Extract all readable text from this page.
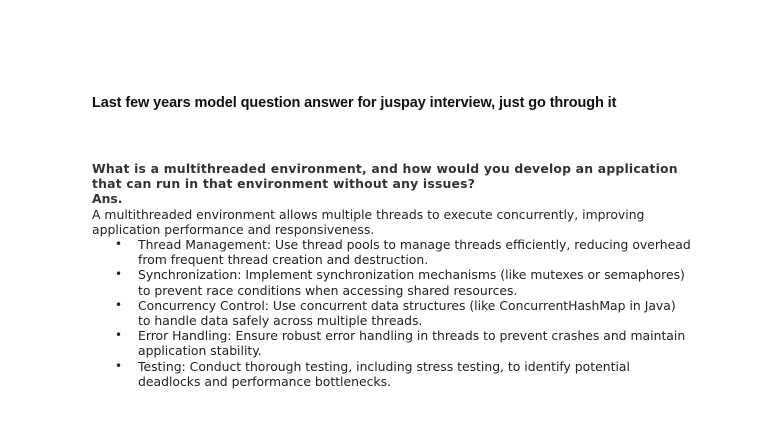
Last few years model question answer for juspay interview, just go through it
What is a multithreaded environment, and how would you develop an application that can run in that environment without any issues?
Ans.
A multithreaded environment allows multiple threads to execute concurrently, improving application performance and responsiveness.
• Thread Management: Use thread pools to manage threads efficiently, reducing overhead from frequent thread creation and destruction.
• Synchronization: Implement synchronization mechanisms (like mutexes or semaphores) to prevent race conditions when accessing shared resources.
• Concurrency Control: Use concurrent data structures (like ConcurrentHashMap in Java) to handle data safely across multiple threads.
• Error Handling: Ensure robust error handling in threads to prevent crashes and maintain application stability.
• Testing: Conduct thorough testing, including stress testing, to identify potential deadlocks and performance bottlenecks.
